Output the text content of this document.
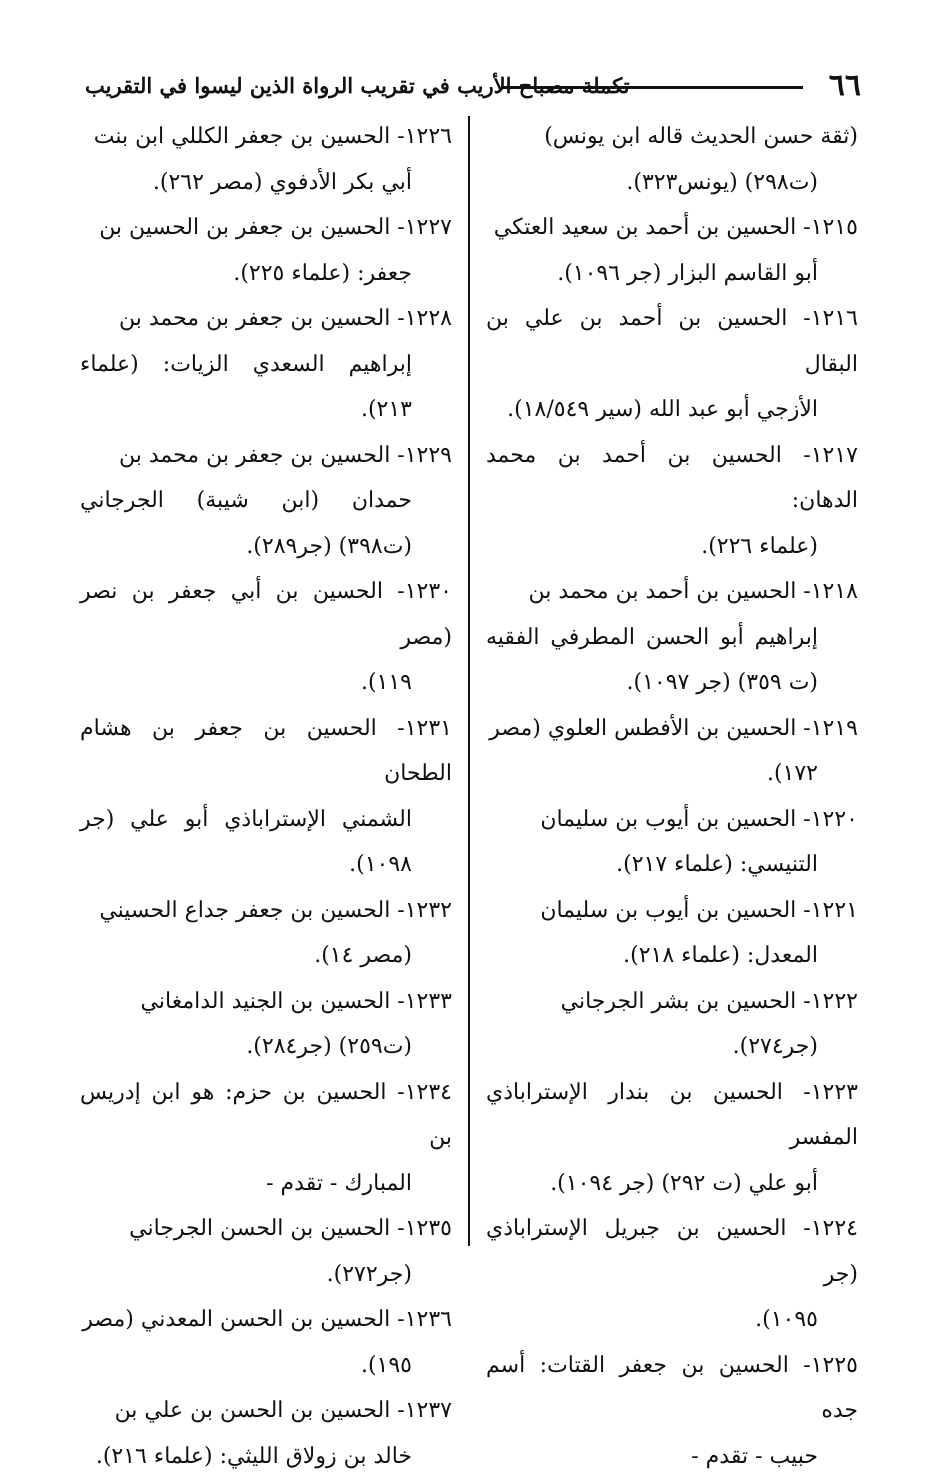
٦٦
تكملة مصباح الأريب في تقريب الرواة الذين ليسوا في التقريب

(ثقة حسن الحديث قاله ابن يونس)
(ت٢٩٨) (يونس٣٢٣).

١٢١٥- الحسين بن أحمد بن سعيد العتكي
أبو القاسم البزار (جر ١٠٩٦).

١٢١٦- الحسين بن أحمد بن علي بن البقال
الأزجي أبو عبد الله (سير ١٨/٥٤٩).

١٢١٧- الحسين بن أحمد بن محمد الدهان:
(علماء ٢٢٦).

١٢١٨- الحسين بن أحمد بن محمد بن
إبراهيم أبو الحسن المطرفي الفقيه (ت ٣٥٩) (جر ١٠٩٧).

١٢١٩- الحسين بن الأفطس العلوي (مصر
١٧٢).

١٢٢٠- الحسين بن أيوب بن سليمان
التنيسي: (علماء ٢١٧).

١٢٢١- الحسين بن أيوب بن سليمان
المعدل: (علماء ٢١٨).

١٢٢٢- الحسين بن بشر الجرجاني
(جر٢٧٤).

١٢٢٣- الحسين بن بندار الإستراباذي المفسر
أبو علي (ت ٢٩٢) (جر ١٠٩٤).

١٢٢٤- الحسين بن جبريل الإستراباذي (جر
١٠٩٥).

١٢٢٥- الحسين بن جعفر القتات: أسم جده
حبيب - تقدم -

١٢٢٦- الحسين بن جعفر الكللي ابن بنت
أبي بكر الأدفوي (مصر ٢٦٢).

١٢٢٧- الحسين بن جعفر بن الحسين بن
جعفر: (علماء ٢٢٥).

١٢٢٨- الحسين بن جعفر بن محمد بن
إبراهيم السعدي الزيات: (علماء ٢١٣).

١٢٢٩- الحسين بن جعفر بن محمد بن
حمدان (ابن شيبة) الجرجاني (ت٣٩٨) (جر٢٨٩).

١٢٣٠- الحسين بن أبي جعفر بن نصر (مصر
١١٩).

١٢٣١- الحسين بن جعفر بن هشام الطحان
الشمني الإستراباذي أبو علي (جر ١٠٩٨).

١٢٣٢- الحسين بن جعفر جداع الحسيني
(مصر ١٤).

١٢٣٣- الحسين بن الجنيد الدامغاني
(ت٢٥٩) (جر٢٨٤).

١٢٣٤- الحسين بن حزم: هو ابن إدريس بن
المبارك - تقدم -

١٢٣٥- الحسين بن الحسن الجرجاني
(جر٢٧٢).

١٢٣٦- الحسين بن الحسن المعدني (مصر
١٩٥).

١٢٣٧- الحسين بن الحسن بن علي بن
خالد بن زولاق الليثي: (علماء ٢١٦).
